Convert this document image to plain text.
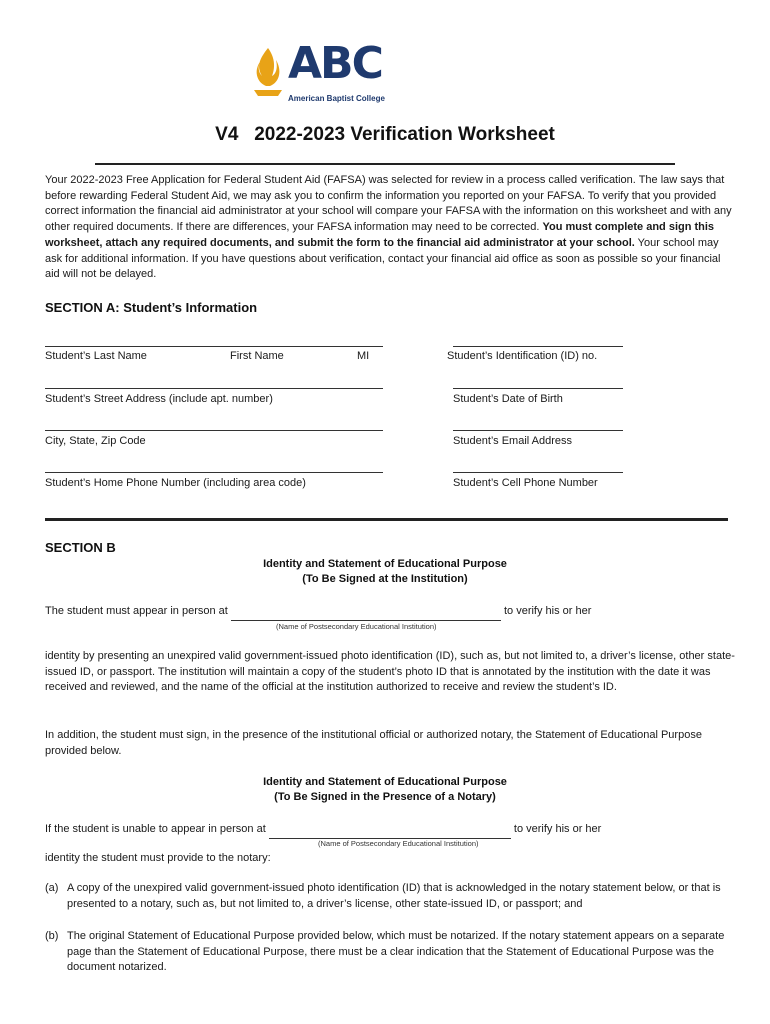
ABC
American Baptist College
V4   2022-2023 Verification Worksheet
Your 2022-2023 Free Application for Federal Student Aid (FAFSA) was selected for review in a process called verification. The law says that before rewarding Federal Student Aid, we may ask you to confirm the information you reported on your FAFSA. To verify that you provided correct information the financial aid administrator at your school will compare your FAFSA with the information on this worksheet and with any other required documents. If there are differences, your FAFSA information may need to be corrected. You must complete and sign this worksheet, attach any required documents, and submit the form to the financial aid administrator at your school. Your school may ask for additional information. If you have questions about verification, contact your financial aid office as soon as possible so your financial aid will not be delayed.
SECTION A: Student’s Information
Student’s Last Name	First Name	MI	Student’s Identification (ID) no.
Student’s Street Address (include apt. number)	Student’s Date of Birth
City, State, Zip Code	Student’s Email Address
Student’s Home Phone Number (including area code)	Student’s Cell Phone Number
SECTION B
Identity and Statement of Educational Purpose
(To Be Signed at the Institution)
The student must appear in person at	to verify his or her
(Name of Postsecondary Educational Institution)
identity by presenting an unexpired valid government-issued photo identification (ID), such as, but not limited to, a driver’s license, other state-issued ID, or passport. The institution will maintain a copy of the student’s photo ID that is annotated by the institution with the date it was received and reviewed, and the name of the official at the institution authorized to receive and review the student’s ID.
In addition, the student must sign, in the presence of the institutional official or authorized notary, the Statement of Educational Purpose provided below.
Identity and Statement of Educational Purpose
(To Be Signed in the Presence of a Notary)
If the student is unable to appear in person at	to verify his or her
(Name of Postsecondary Educational Institution)
identity the student must provide to the notary:
(a) A copy of the unexpired valid government-issued photo identification (ID) that is acknowledged in the notary statement below, or that is presented to a notary, such as, but not limited to, a driver’s license, other state-issued ID, or passport; and
(b) The original Statement of Educational Purpose provided below, which must be notarized. If the notary statement appears on a separate page than the Statement of Educational Purpose, there must be a clear indication that the Statement of Educational Purpose was the document notarized.
